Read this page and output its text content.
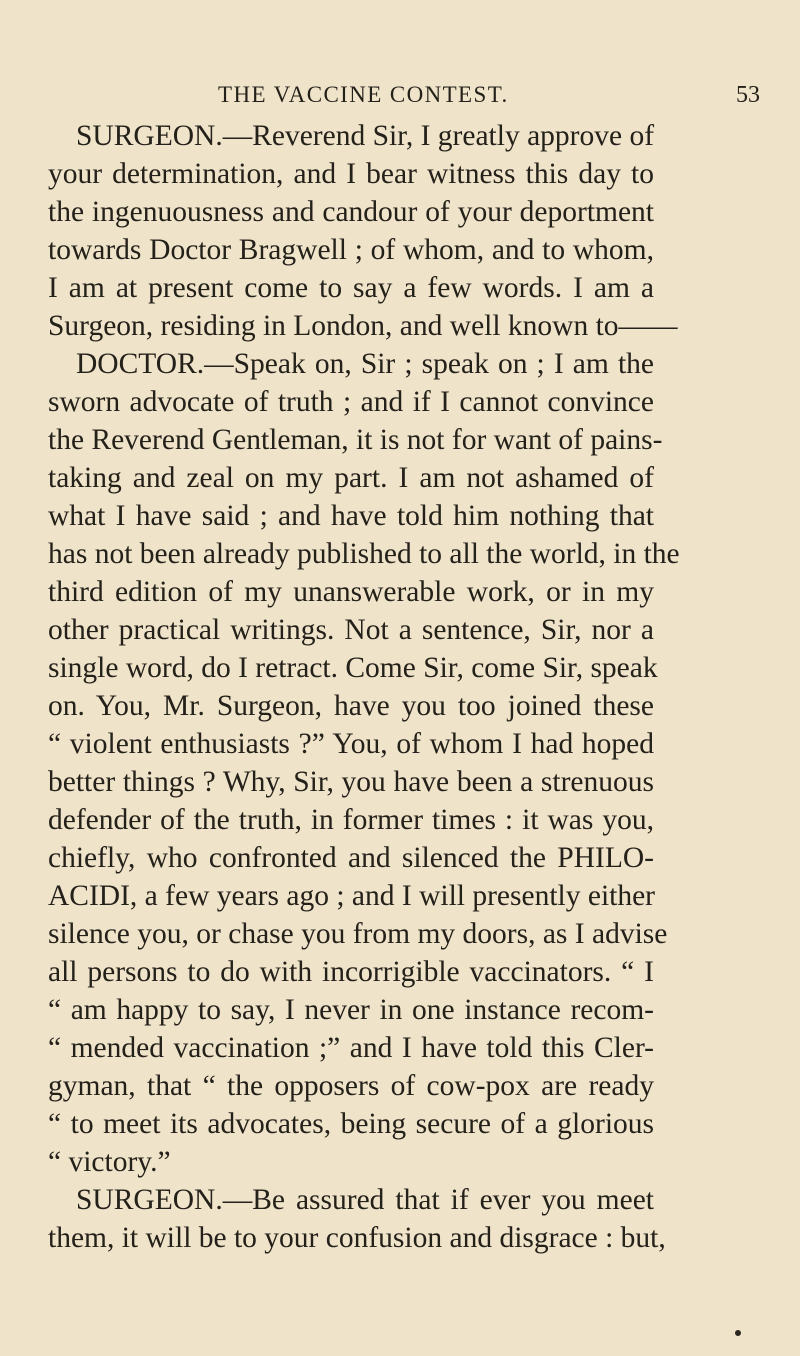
THE VACCINE CONTEST.	53
SURGEON.—Reverend Sir, I greatly approve of
your determination, and I bear witness this day to
the ingenuousness and candour of your deportment
towards Doctor Bragwell ; of whom, and to whom,
I am at present come to say a few words. I am a
Surgeon, residing in London, and well known to——
DOCTOR.—Speak on, Sir ; speak on ; I am the
sworn advocate of truth ; and if I cannot convince
the Reverend Gentleman, it is not for want of pains-
taking and zeal on my part. I am not ashamed of
what I have said ; and have told him nothing that
has not been already published to all the world, in the
third edition of my unanswerable work, or in my
other practical writings. Not a sentence, Sir, nor a
single word, do I retract. Come Sir, come Sir, speak
on. You, Mr. Surgeon, have you too joined these
“ violent enthusiasts ?” You, of whom I had hoped
better things ? Why, Sir, you have been a strenuous
defender of the truth, in former times : it was you,
chiefly, who confronted and silenced the PHILO-
ACIDI, a few years ago ; and I will presently either
silence you, or chase you from my doors, as I advise
all persons to do with incorrigible vaccinators. “ I
“ am happy to say, I never in one instance recom-
“ mended vaccination ;” and I have told this Cler-
gyman, that “ the opposers of cow-pox are ready
“ to meet its advocates, being secure of a glorious
“ victory.”
SURGEON.—Be assured that if ever you meet
them, it will be to your confusion and disgrace : but,
